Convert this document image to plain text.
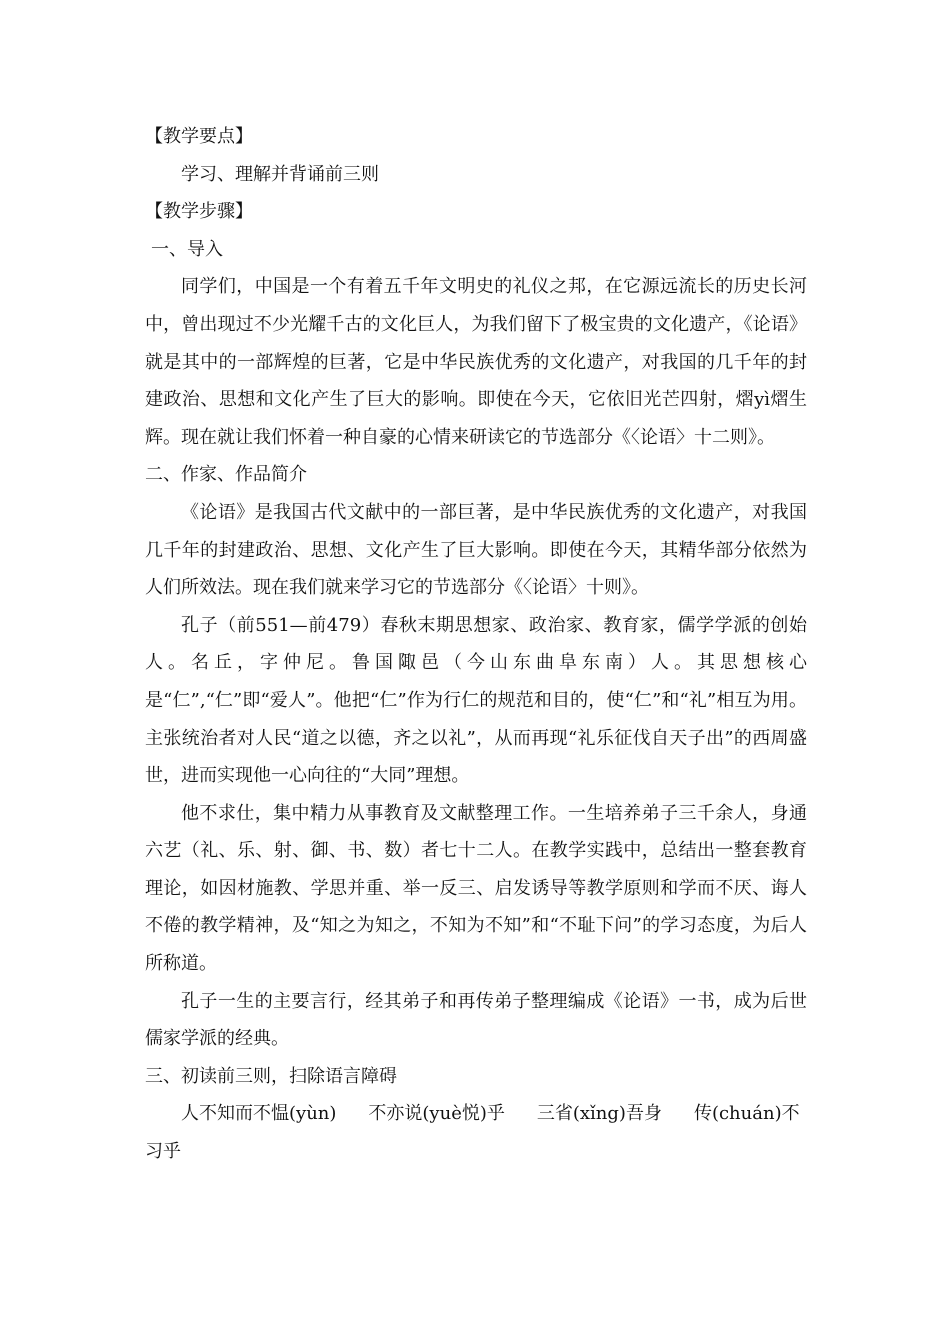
【教学要点】

学习、理解并背诵前三则

【教学步骤】

一、导入

同学们，中国是一个有着五千年文明史的礼仪之邦，在它源远流长的历史长河中，曾出现过不少光耀千古的文化巨人，为我们留下了极宝贵的文化遗产，《论语》就是其中的一部辉煌的巨著，它是中华民族优秀的文化遗产，对我国的几千年的封建政治、思想和文化产生了巨大的影响。即使在今天，它依旧光芒四射，熠yì熠生辉。现在就让我们怀着一种自豪的心情来研读它的节选部分《〈论语〉十二则》。

二、作家、作品简介

《论语》是我国古代文献中的一部巨著，是中华民族优秀的文化遗产，对我国几千年的封建政治、思想、文化产生了巨大影响。即使在今天，其精华部分依然为人们所效法。现在我们就来学习它的节选部分《〈论语〉十则》。

孔子（前551—前479）春秋末期思想家、政治家、教育家，儒学学派的创始人。名丘，字仲尼。鲁国陬邑（今山东曲阜东南）人。其思想核心是“仁”,“仁”即“爱人”。他把“仁”作为行仁的规范和目的，使“仁”和“礼”相互为用。主张统治者对人民“道之以德，齐之以礼”，从而再现“礼乐征伐自天子出”的西周盛世，进而实现他一心向往的“大同”理想。

他不求仕，集中精力从事教育及文献整理工作。一生培养弟子三千余人，身通六艺（礼、乐、射、御、书、数）者七十二人。在教学实践中，总结出一整套教育理论，如因材施教、学思并重、举一反三、启发诱导等教学原则和学而不厌、诲人不倦的教学精神，及“知之为知之，不知为不知”和“不耻下问”的学习态度，为后人所称道。

孔子一生的主要言行，经其弟子和再传弟子整理编成《论语》一书，成为后世儒家学派的经典。

三、初读前三则，扫除语言障碍

人不知而不愠(yùn) 不亦说(yuè悦)乎 三省(xǐng)吾身 传(chuán)不习乎
